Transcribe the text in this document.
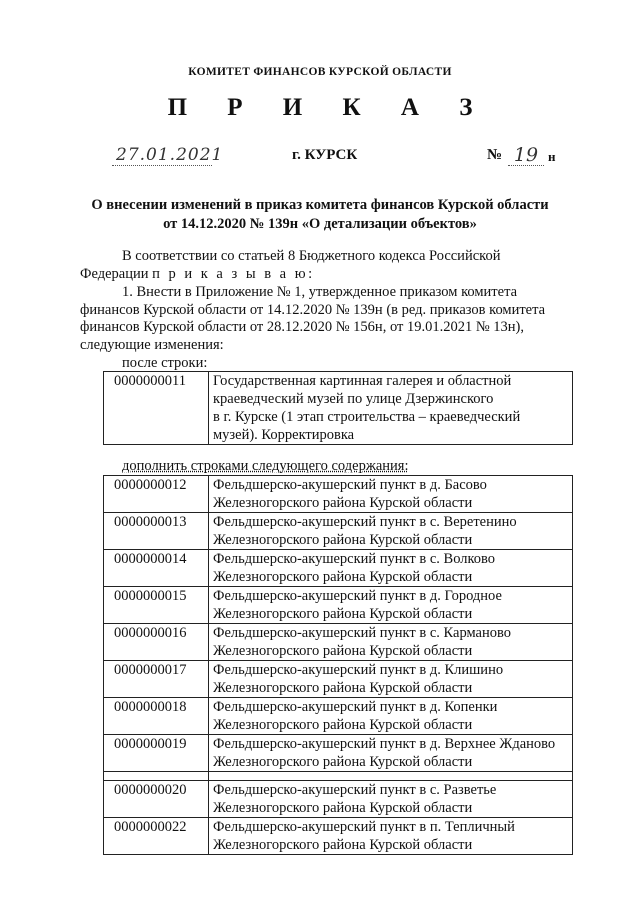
КОМИТЕТ ФИНАНСОВ КУРСКОЙ ОБЛАСТИ
П Р И К А З
27.01.2021	г. КУРСК	№ 19 н
О внесении изменений в приказ комитета финансов Курской области
от 14.12.2020 № 139н «О детализации объектов»
В соответствии со статьей 8 Бюджетного кодекса Российской
Федерации п р и к а з ы в а ю:
1. Внести в Приложение № 1, утвержденное приказом комитета
финансов Курской области от 14.12.2020 № 139н (в ред. приказов комитета
финансов Курской области от 28.12.2020 № 156н, от 19.01.2021 № 13н),
следующие изменения:
после строки:
0000000011	Государственная картинная галерея и областной
краеведческий музей по улице Дзержинского
в г. Курске (1 этап строительства – краеведческий
музей). Корректировка
дополнить строками следующего содержания:
0000000012	Фельдшерско-акушерский пункт в д. Басово
Железногорского района Курской области

0000000013	Фельдшерско-акушерский пункт в с. Веретенино
Железногорского района Курской области

0000000014	Фельдшерско-акушерский пункт в с. Волково
Железногорского района Курской области

0000000015	Фельдшерско-акушерский пункт в д. Городное
Железногорского района Курской области

0000000016	Фельдшерско-акушерский пункт в с. Карманово
Железногорского района Курской области

0000000017	Фельдшерско-акушерский пункт в д. Клишино
Железногорского района Курской области

0000000018	Фельдшерско-акушерский пункт в д. Копенки
Железногорского района Курской области

0000000019	Фельдшерско-акушерский пункт в д. Верхнее Жданово
Железногорского района Курской области

0000000020	Фельдшерско-акушерский пункт в с. Разветье
Железногорского района Курской области

0000000022	Фельдшерско-акушерский пункт в п. Тепличный
Железногорского района Курской области
